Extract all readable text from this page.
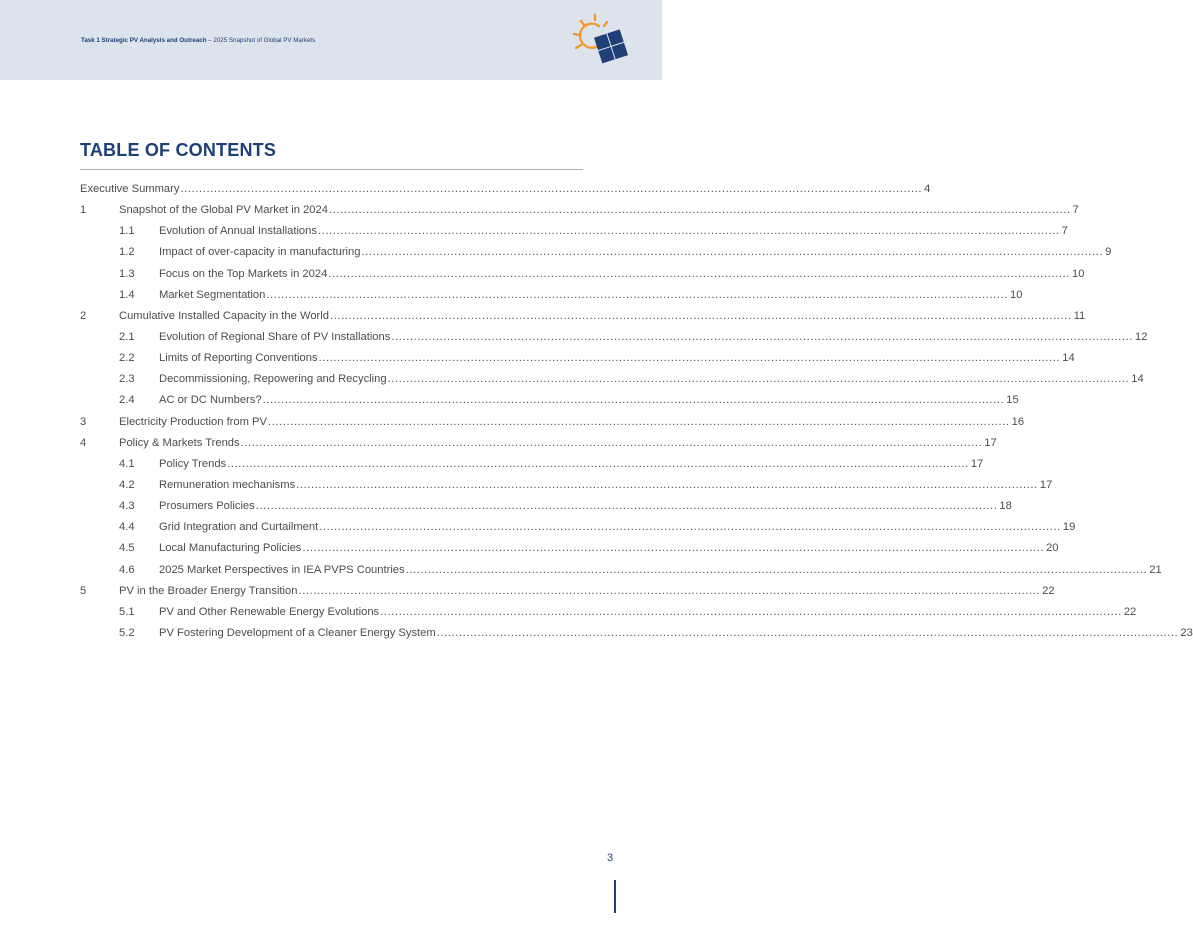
Task 1 Strategic PV Analysis and Outreach – 2025 Snapshot of Global PV Markets
TABLE OF CONTENTS
Executive Summary ........................................................................................................................................................................................................ 4
1	Snapshot of the Global PV Market in 2024 ........................................................................................................................................................................................................ 7
1.1 Evolution of Annual Installations ........................................................................................................................................................................................................ 7
1.2 Impact of over-capacity in manufacturing ........................................................................................................................................................................................................ 9
1.3 Focus on the Top Markets in 2024 ........................................................................................................................................................................................................ 10
1.4 Market Segmentation ........................................................................................................................................................................................................ 10
2	Cumulative Installed Capacity in the World ........................................................................................................................................................................................................ 11
2.1 Evolution of Regional Share of PV Installations ........................................................................................................................................................................................................ 12
2.2 Limits of Reporting Conventions ........................................................................................................................................................................................................ 14
2.3 Decommissioning, Repowering and Recycling ........................................................................................................................................................................................................ 14
2.4 AC or DC Numbers? ........................................................................................................................................................................................................ 15
3	Electricity Production from PV ........................................................................................................................................................................................................ 16
4	Policy & Markets Trends ........................................................................................................................................................................................................ 17
4.1 Policy Trends ........................................................................................................................................................................................................ 17
4.2 Remuneration mechanisms ........................................................................................................................................................................................................ 17
4.3 Prosumers Policies ........................................................................................................................................................................................................ 18
4.4 Grid Integration and Curtailment ........................................................................................................................................................................................................ 19
4.5 Local Manufacturing Policies ........................................................................................................................................................................................................ 20
4.6 2025 Market Perspectives in IEA PVPS Countries ........................................................................................................................................................................................................ 21
5	PV in the Broader Energy Transition ........................................................................................................................................................................................................ 22
5.1 PV and Other Renewable Energy Evolutions ........................................................................................................................................................................................................ 22
5.2 PV Fostering Development of a Cleaner Energy System ........................................................................................................................................................................................................ 23
3
